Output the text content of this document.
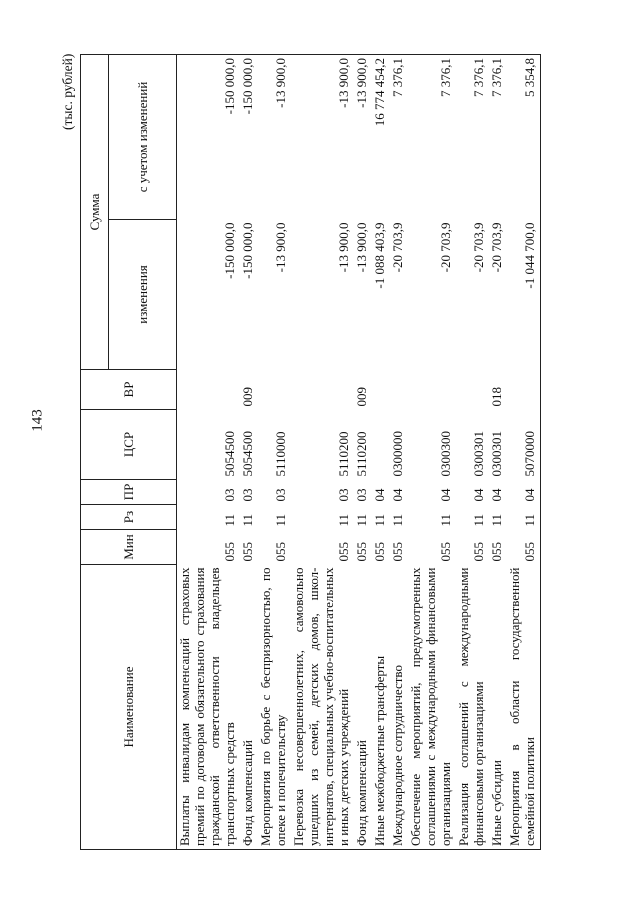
143
(тыс. рублей)
Наименование	Мин	Рз	ПР	ЦСР	ВР	Сумма	
						изменения	с учетом изменений
Выплаты инвалидам компенсаций страховых премий по договорам обязательного страхования гражданской ответственности владельцев транспортных средств	055	11	03	5054500		-150 000,0	-150 000,0
Фонд компенсаций	055	11	03	5054500	009	-150 000,0	-150 000,0
Мероприятия по борьбе с беспризорностью, по опеке и попечительству	055	11	03	5110000		-13 900,0	-13 900,0
Перевозка несовершеннолетних, самовольно ушедших из семей, детских домов, школ-интернатов, специальных учебно-воспитательных и иных детских учреждений	055	11	03	5110200		-13 900,0	-13 900,0
Фонд компенсаций	055	11	03	5110200	009	-13 900,0	-13 900,0
Иные межбюджетные трансферты	055	11	04			-1 088 403,9	16 774 454,2
Международное сотрудничество	055	11	04	0300000		-20 703,9	7 376,1
Обеспечение мероприятий, предусмотренных соглашениями с международными финансовыми организациями	055	11	04	0300300		-20 703,9	7 376,1
Реализация соглашений с международными финансовыми организациями	055	11	04	0300301		-20 703,9	7 376,1
Иные субсидии	055	11	04	0300301	018	-20 703,9	7 376,1
Мероприятия в области государственной семейной политики	055	11	04	5070000		-1 044 700,0	5 354,8
